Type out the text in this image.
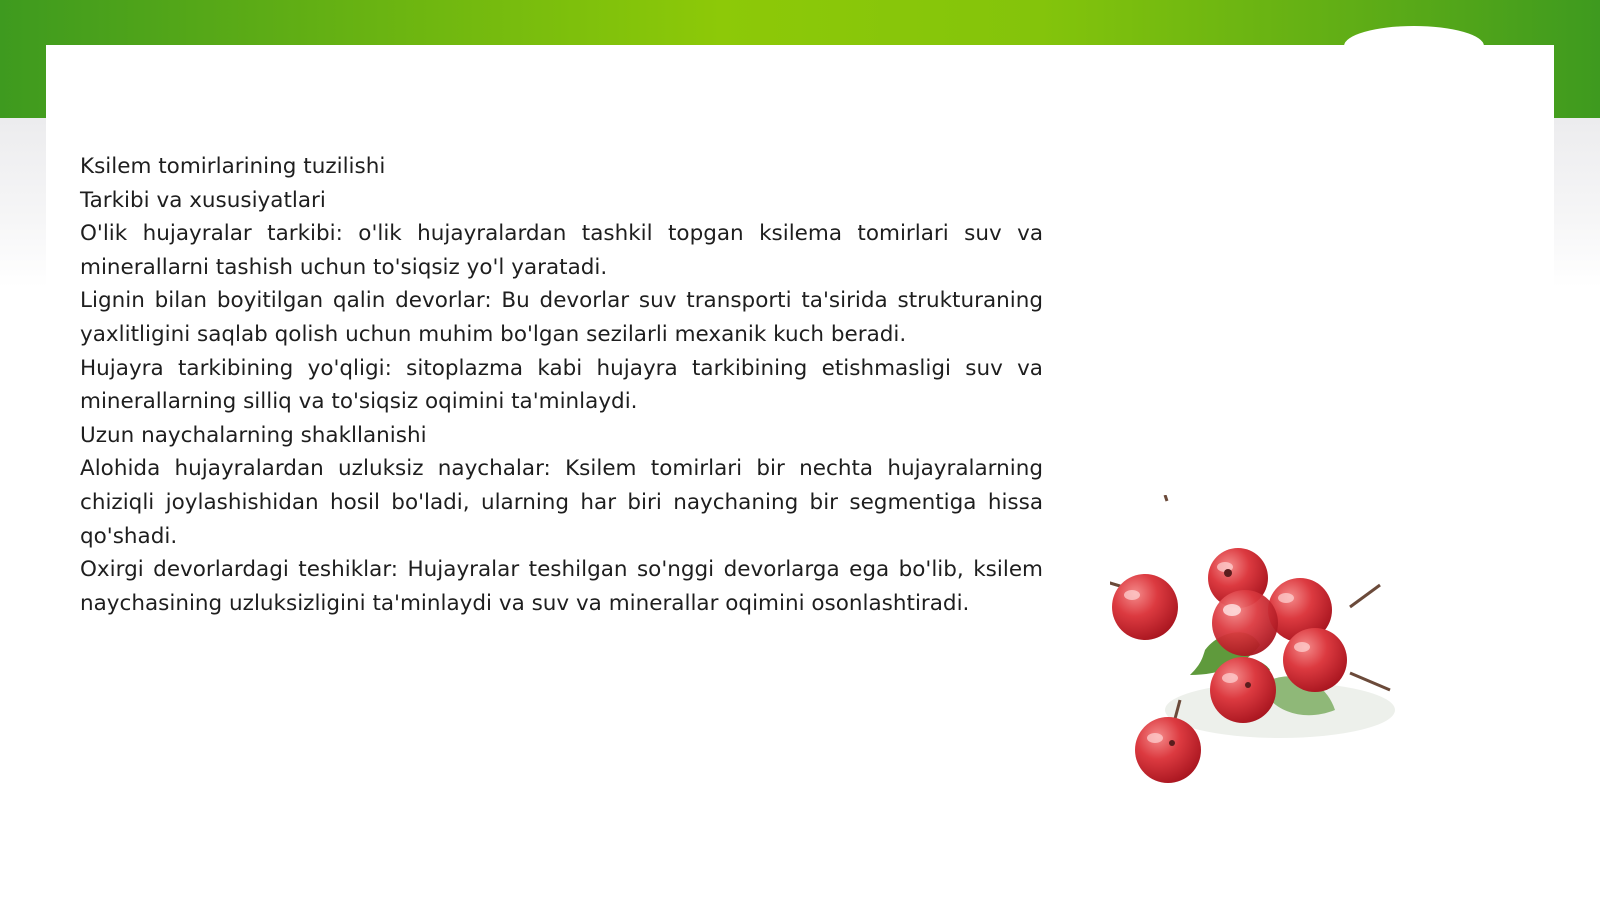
Ksilem tomirlarining tuzilishi

Tarkibi va xususiyatlari

O'lik hujayralar tarkibi: o'lik hujayralardan tashkil topgan ksilema tomirlari suv va minerallarni tashish uchun to'siqsiz yo'l yaratadi.

Lignin bilan boyitilgan qalin devorlar: Bu devorlar suv transporti ta'sirida strukturaning yaxlitligini saqlab qolish uchun muhim bo'lgan sezilarli mexanik kuch beradi.

Hujayra tarkibining yo'qligi: sitoplazma kabi hujayra tarkibining etishmasligi suv va minerallarning silliq va to'siqsiz oqimini ta'minlaydi.

Uzun naychalarning shakllanishi

Alohida hujayralardan uzluksiz naychalar: Ksilem tomirlari bir nechta hujayralarning chiziqli joylashishidan hosil bo'ladi, ularning har biri naychaning bir segmentiga hissa qo'shadi.

Oxirgi devorlardagi teshiklar: Hujayralar teshilgan so'nggi devorlarga ega bo'lib, ksilem naychasining uzluksizligini ta'minlaydi va suv va minerallar oqimini osonlashtiradi.
